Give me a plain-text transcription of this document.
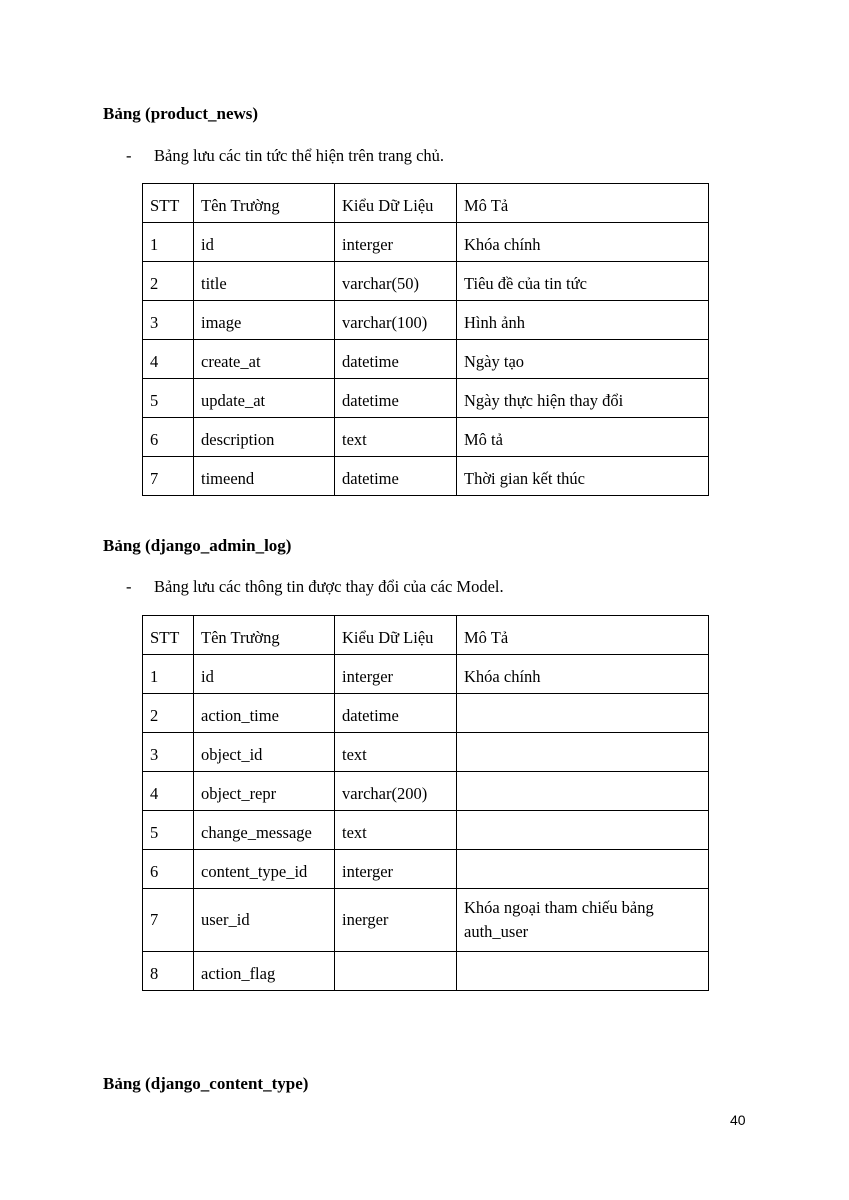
Bảng (product_news)
- Bảng lưu các tin tức thể hiện trên trang chủ.
STT	Tên Trường	Kiểu Dữ Liệu	Mô Tả
1	id	interger	Khóa chính
2	title	varchar(50)	Tiêu đề của tin tức
3	image	varchar(100)	Hình ảnh
4	create_at	datetime	Ngày tạo
5	update_at	datetime	Ngày thực hiện thay đổi
6	description	text	Mô tả
7	timeend	datetime	Thời gian kết thúc
Bảng (django_admin_log)
- Bảng lưu các thông tin được thay đổi của các Model.
STT	Tên Trường	Kiểu Dữ Liệu	Mô Tả
1	id	interger	Khóa chính
2	action_time	datetime	
3	object_id	text	
4	object_repr	varchar(200)	
5	change_message	text	
6	content_type_id	interger	
7	user_id	inerger	Khóa ngoại tham chiếu bảng auth_user
8	action_flag		
Bảng (django_content_type)
40
